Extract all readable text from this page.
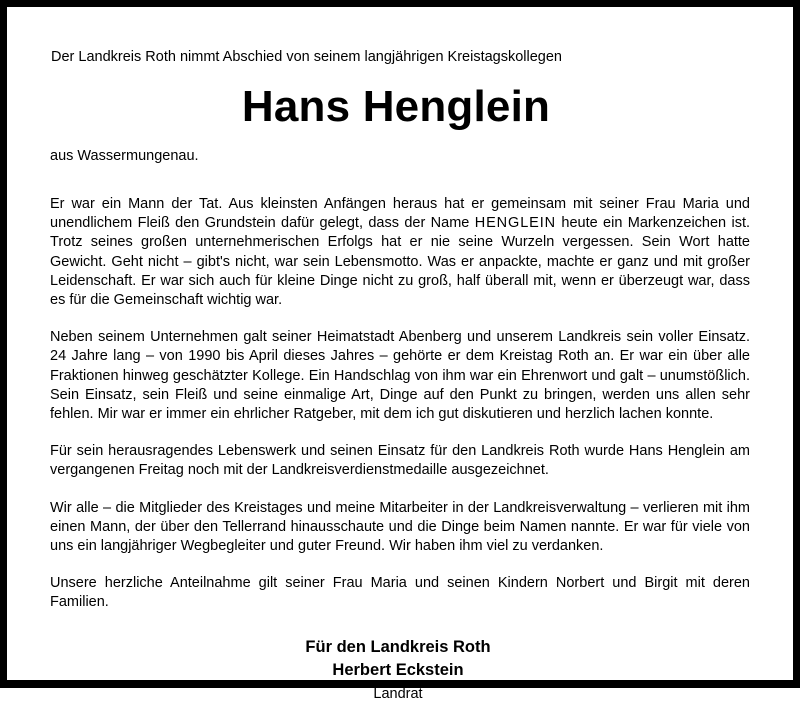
Der Landkreis Roth nimmt Abschied von seinem langjährigen Kreistagskollegen
Hans Henglein
aus Wassermungenau.

Er war ein Mann der Tat. Aus kleinsten Anfängen heraus hat er gemeinsam mit seiner Frau Maria und unendlichem Fleiß den Grundstein dafür gelegt, dass der Name HENGLEIN heute ein Markenzeichen ist. Trotz seines großen unternehmerischen Erfolgs hat er nie seine Wurzeln vergessen. Sein Wort hatte Gewicht. Geht nicht – gibt's nicht, war sein Lebensmotto. Was er anpackte, machte er ganz und mit großer Leidenschaft. Er war sich auch für kleine Dinge nicht zu groß, half überall mit, wenn er überzeugt war, dass es für die Gemeinschaft wichtig war.

Neben seinem Unternehmen galt seiner Heimatstadt Abenberg und unserem Landkreis sein voller Einsatz. 24 Jahre lang – von 1990 bis April dieses Jahres – gehörte er dem Kreistag Roth an. Er war ein über alle Fraktionen hinweg geschätzter Kollege. Ein Handschlag von ihm war ein Ehrenwort und galt – unumstößlich. Sein Einsatz, sein Fleiß und seine einmalige Art, Dinge auf den Punkt zu bringen, werden uns allen sehr fehlen. Mir war er immer ein ehrlicher Ratgeber, mit dem ich gut diskutieren und herzlich lachen konnte.

Für sein herausragendes Lebenswerk und seinen Einsatz für den Landkreis Roth wurde Hans Henglein am vergangenen Freitag noch mit der Landkreisverdienstmedaille ausgezeichnet.

Wir alle – die Mitglieder des Kreistages und meine Mitarbeiter in der Landkreisverwaltung – verlieren mit ihm einen Mann, der über den Tellerrand hinausschaute und die Dinge beim Namen nannte. Er war für viele von uns ein langjähriger Wegbegleiter und guter Freund. Wir haben ihm viel zu verdanken.

Unsere herzliche Anteilnahme gilt seiner Frau Maria und seinen Kindern Norbert und Birgit mit deren Familien.

Für den Landkreis Roth
Herbert Eckstein
Landrat
